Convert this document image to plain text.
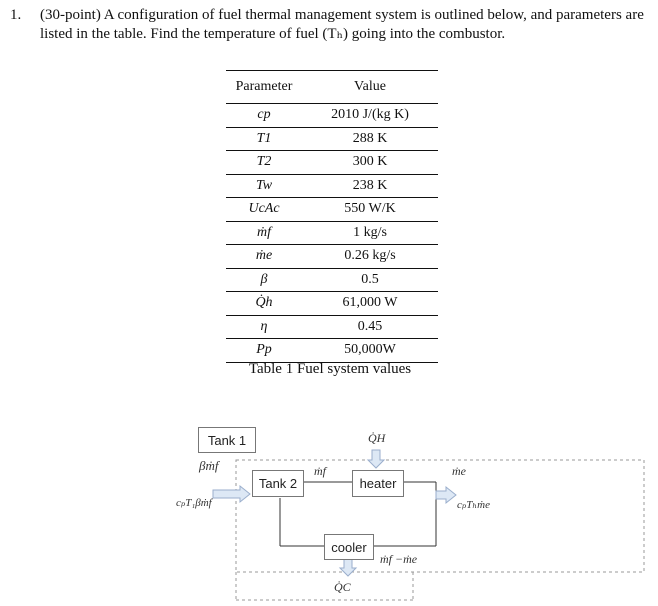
1. (30-point) A configuration of fuel thermal management system is outlined below, and parameters are listed in the table. Find the temperature of fuel (Tₕ) going into the combustor.
Parameter	Value
cp	2010 J/(kg K)
T1	288 K
T2	300 K
Tw	238 K
UcAc	550 W/K
ṁf	1 kg/s
ṁe	0.26 kg/s
β	0.5
Q̇h	61,000 W
η	0.45
Pp	50,000W
Table 1 Fuel system values
Tank 1
Tank 2	heater
cooler
βṁf
cₚT₁βṁf
ṁf
Q̇H
ṁe
cₚTₕṁe
ṁf −ṁe
Q̇C
